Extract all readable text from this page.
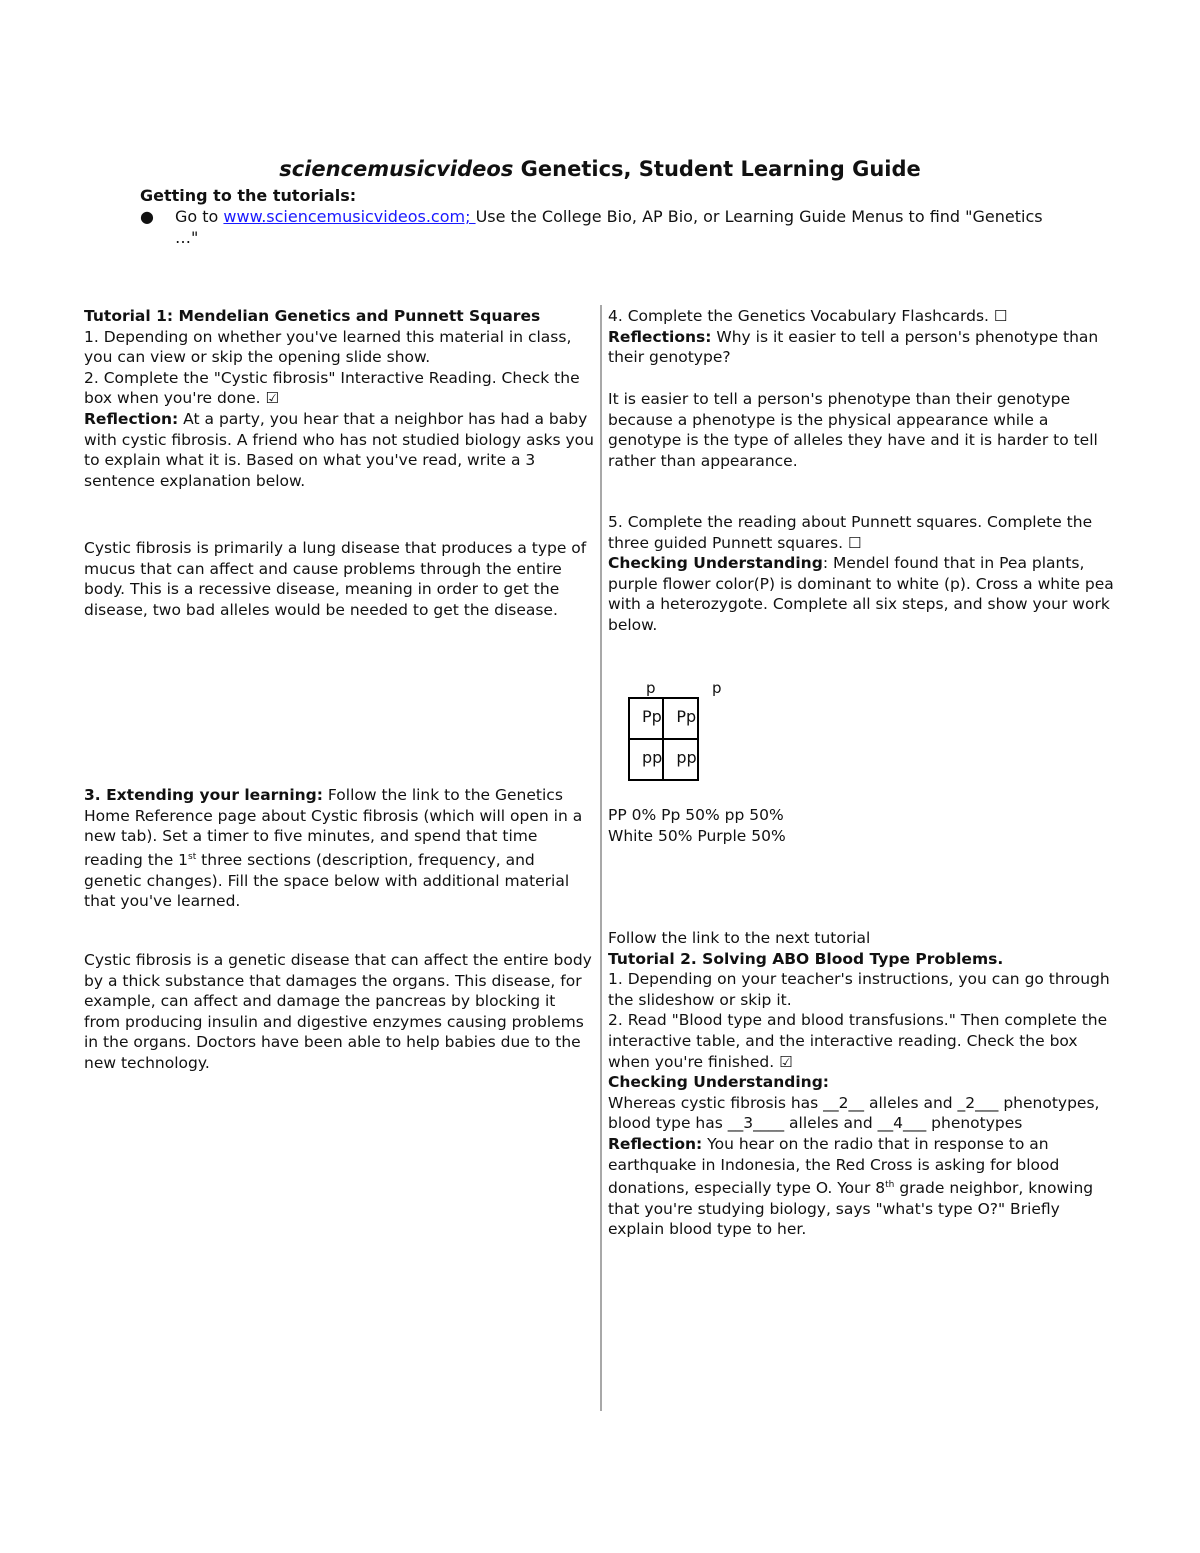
sciencemusicvideos Genetics, Student Learning Guide
Getting to the tutorials:
● Go to www.sciencemusicvideos.com; Use the College Bio, AP Bio, or Learning Guide Menus to find "Genetics …"

Tutorial 1: Mendelian Genetics and Punnett Squares

1. Depending on whether you've learned this material in class, you can view or skip the opening slide show.

2. Complete the "Cystic fibrosis" Interactive Reading. Check the box when you're done. ☑

Reflection: At a party, you hear that a neighbor has had a baby with cystic fibrosis. A friend who has not studied biology asks you to explain what it is. Based on what you've read, write a 3 sentence explanation below.

Cystic fibrosis is primarily a lung disease that produces a type of mucus that can affect and cause problems through the entire body. This is a recessive disease, meaning in order to get the disease, two bad alleles would be needed to get the disease.
3. Extending your learning: Follow the link to the Genetics Home Reference page about Cystic fibrosis (which will open in a new tab). Set a timer to five minutes, and spend that time reading the 1st three sections (description, frequency, and genetic changes). Fill the space below with additional material that you've learned.
Cystic fibrosis is a genetic disease that can affect the entire body by a thick substance that damages the organs. This disease, for example, can affect and damage the pancreas by blocking it from producing insulin and digestive enzymes causing problems in the organs. Doctors have been able to help babies due to the new technology.

4. Complete the Genetics Vocabulary Flashcards. ☐

Reflections: Why is it easier to tell a person's phenotype than their genotype?

It is easier to tell a person's phenotype than their genotype because a phenotype is the physical appearance while a genotype is the type of alleles they have and it is harder to tell rather than appearance.

5. Complete the reading about Punnett squares. Complete the three guided Punnett squares. ☐

Checking Understanding: Mendel found that in Pea plants, purple flower color(P) is dominant to white (p). Cross a white pea with a heterozygote. Complete all six steps, and show your work below.

p	p
Pp	Pp
pp	pp

PP 0% Pp 50% pp 50%

White 50% Purple 50%

Follow the link to the next tutorial

Tutorial 2. Solving ABO Blood Type Problems.

1. Depending on your teacher's instructions, you can go through the slideshow or skip it.

2. Read "Blood type and blood transfusions." Then complete the interactive table, and the interactive reading. Check the box when you're finished. ☑

Checking Understanding:

Whereas cystic fibrosis has __2__ alleles and _2___ phenotypes, blood type has __3____ alleles and __4___ phenotypes

Reflection: You hear on the radio that in response to an earthquake in Indonesia, the Red Cross is asking for blood donations, especially type O. Your 8th grade neighbor, knowing that you're studying biology, says "what's type O?" Briefly explain blood type to her.
